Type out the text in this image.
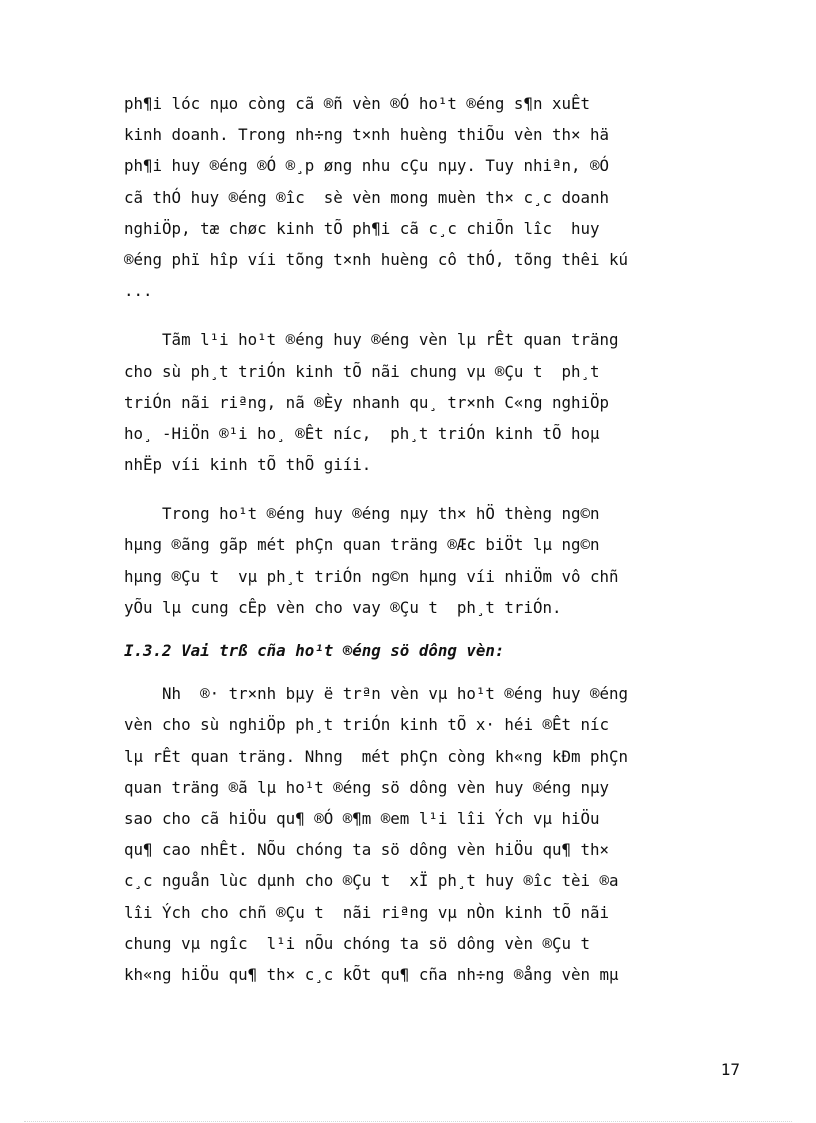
ph¶i lóc nµo còng cã ®ñ vèn ®Ó ho¹t ®éng s¶n xuÊt
kinh doanh. Trong nh÷ng t×nh huèng thiÕu vèn th× hä
ph¶i huy ®éng ®Ó ®¸p øng nhu cÇu nµy. Tuy nhiªn, ®Ó
cã thÓ huy ®éng ®îc  sè vèn mong muèn th× c¸c doanh
nghiÖp, tæ chøc kinh tÕ ph¶i cã c¸c chiÕn lîc  huy
®éng phï hîp víi tõng t×nh huèng cô thÓ, tõng thêi kú
...
Tãm l¹i ho¹t ®éng huy ®éng vèn lµ rÊt quan träng
cho sù ph¸t triÓn kinh tÕ nãi chung vµ ®Çu t  ph¸t
triÓn nãi riªng, nã ®Èy nhanh qu¸ tr×nh C«ng nghiÖp
ho¸ -HiÖn ®¹i ho¸ ®Êt níc,  ph¸t triÓn kinh tÕ hoµ
nhËp víi kinh tÕ thÕ giíi.
Trong ho¹t ®éng huy ®éng nµy th× hÖ thèng ng©n
hµng ®ãng gãp mét phÇn quan träng ®Æc biÖt lµ ng©n
hµng ®Çu t  vµ ph¸t triÓn ng©n hµng víi nhiÖm vô chñ
yÕu lµ cung cÊp vèn cho vay ®Çu t  ph¸t triÓn.
I.3.2 Vai trß cña ho¹t ®éng sö dông vèn:
Nh  ®· tr×nh bµy ë trªn vèn vµ ho¹t ®éng huy ®éng
vèn cho sù nghiÖp ph¸t triÓn kinh tÕ x· héi ®Êt níc
lµ rÊt quan träng. Nhng  mét phÇn còng kh«ng kÐm phÇn
quan träng ®ã lµ ho¹t ®éng sö dông vèn huy ®éng nµy
sao cho cã hiÖu qu¶ ®Ó ®¶m ®em l¹i lîi Ých vµ hiÖu
qu¶ cao nhÊt. NÕu chóng ta sö dông vèn hiÖu qu¶ th×
c¸c nguån lùc dµnh cho ®Çu t  xÏ ph¸t huy ®îc tèi ®a
lîi Ých cho chñ ®Çu t  nãi riªng vµ nÒn kinh tÕ nãi
chung vµ ngîc  l¹i nÕu chóng ta sö dông vèn ®Çu t
kh«ng hiÖu qu¶ th× c¸c kÕt qu¶ cña nh÷ng ®ång vèn mµ
17
